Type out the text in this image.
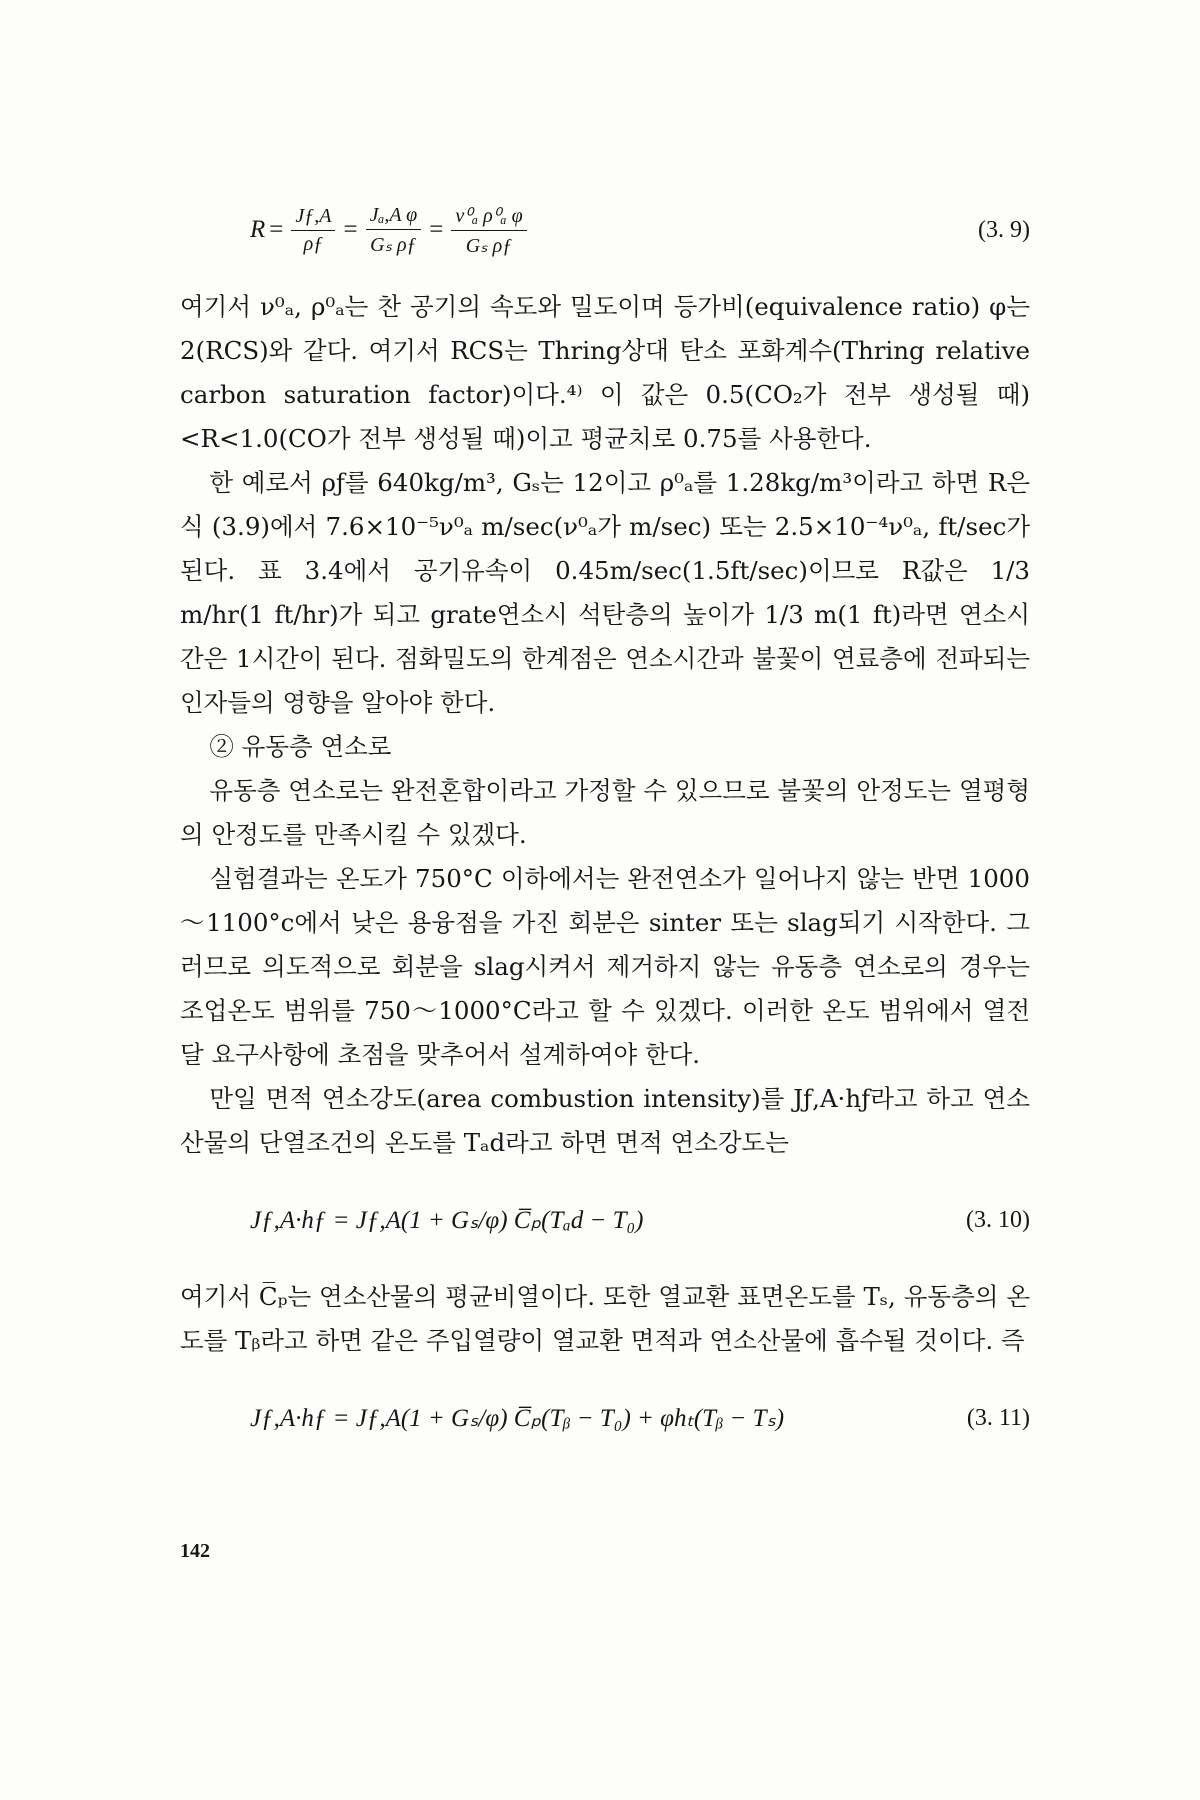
$R = \frac{Jƒ,A}{\rho ƒ} = \frac{\text{Jₐ,A φ}}{\text{Gₛ ρƒ}} = \frac{\text{ν⁰ₐ ρ⁰ₐ φ}}{\text{Gₛ ρƒ}}$	(3. 9)

여기서 ν⁰ₐ, ρ⁰ₐ는 찬 공기의 속도와 밀도이며 등가비(equivalence ratio) φ는 2(RCS)와 같다. 여기서 RCS는 Thring상대 탄소 포화계수(Thring relative carbon saturation factor)이다.⁴⁾ 이 값은 0.5(CO₂가 전부 생성될 때)<R<1.0(CO가 전부 생성될 때)이고 평균치로 0.75를 사용한다.

한 예로서 ρƒ를 640kg/m³, Gₛ는 12이고 ρ⁰ₐ를 1.28kg/m³이라고 하면 R은 식 (3.9)에서 7.6×10⁻⁵ν⁰ₐ m/sec(ν⁰ₐ가 m/sec) 또는 2.5×10⁻⁴ν⁰ₐ, ft/sec가 된다. 표 3.4에서 공기유속이 0.45m/sec(1.5ft/sec)이므로 R값은 1/3 m/hr(1 ft/hr)가 되고 grate연소시 석탄층의 높이가 1/3 m(1 ft)라면 연소시간은 1시간이 된다. 점화밀도의 한계점은 연소시간과 불꽃이 연료층에 전파되는 인자들의 영향을 알아야 한다.

② 유동층 연소로

유동층 연소로는 완전혼합이라고 가정할 수 있으므로 불꽃의 안정도는 열평형의 안정도를 만족시킬 수 있겠다.

실험결과는 온도가 750°C 이하에서는 완전연소가 일어나지 않는 반면 1000～1100°c에서 낮은 용융점을 가진 회분은 sinter 또는 slag되기 시작한다. 그러므로 의도적으로 회분을 slag시켜서 제거하지 않는 유동층 연소로의 경우는 조업온도 범위를 750～1000°C라고 할 수 있겠다. 이러한 온도 범위에서 열전달 요구사항에 초점을 맞추어서 설계하여야 한다.

만일 면적 연소강도(area combustion intensity)를 Jƒ,A·hƒ라고 하고 연소산물의 단열조건의 온도를 Tₐd라고 하면 면적 연소강도는

Jƒ,A·hƒ = Jƒ,A(1 + Gₛ/φ) C̅ₚ(Tₐd − T₀)	(3. 10)

여기서 C̅ₚ는 연소산물의 평균비열이다. 또한 열교환 표면온도를 Tₛ, 유동층의 온도를 Tᵦ라고 하면 같은 주입열량이 열교환 면적과 연소산물에 흡수될 것이다. 즉

Jƒ,A·hƒ = Jƒ,A(1 + Gₛ/φ) C̅ₚ(Tᵦ − T₀) + φhₜ(Tᵦ − Tₛ)	(3. 11)
142
